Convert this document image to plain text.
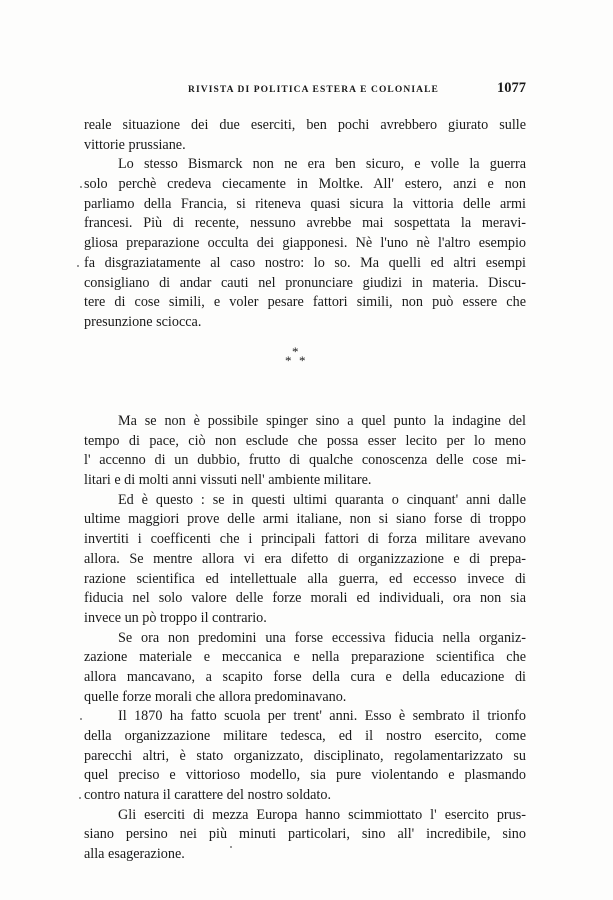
RIVISTA DI POLITICA ESTERA E COLONIALE	1077
reale situazione dei due eserciti, ben pochi avrebbero giurato sulle
vittorie prussiane.
Lo stesso Bismarck non ne era ben sicuro, e volle la guerra
solo perchè credeva ciecamente in Moltke. All' estero, anzi e non
parliamo della Francia, si riteneva quasi sicura la vittoria delle armi
francesi. Più di recente, nessuno avrebbe mai sospettata la meravi-
gliosa preparazione occulta dei giapponesi. Nè l'uno nè l'altro esempio
fa disgraziatamente al caso nostro: lo so. Ma quelli ed altri esempi
consigliano di andar cauti nel pronunciare giudizi in materia. Discu-
tere di cose simili, e voler pesare fattori simili, non può essere che
presunzione sciocca.
*
* *
Ma se non è possibile spinger sino a quel punto la indagine del
tempo di pace, ciò non esclude che possa esser lecito per lo meno
l' accenno di un dubbio, frutto di qualche conoscenza delle cose mi-
litari e di molti anni vissuti nell' ambiente militare.
Ed è questo : se in questi ultimi quaranta o cinquant' anni dalle
ultime maggiori prove delle armi italiane, non si siano forse di troppo
invertiti i coefficenti che i principali fattori di forza militare avevano
allora. Se mentre allora vi era difetto di organizzazione e di prepa-
razione scientifica ed intellettuale alla guerra, ed eccesso invece di
fiducia nel solo valore delle forze morali ed individuali, ora non sia
invece un pò troppo il contrario.
Se ora non predomini una forse eccessiva fiducia nella organiz-
zazione materiale e meccanica e nella preparazione scientifica che
allora mancavano, a scapito forse della cura e della educazione di
quelle forze morali che allora predominavano.
Il 1870 ha fatto scuola per trent' anni. Esso è sembrato il trionfo
della organizzazione militare tedesca, ed il nostro esercito, come
parecchi altri, è stato organizzato, disciplinato, regolamentarizzato su
quel preciso e vittorioso modello, sia pure violentando e plasmando
contro natura il carattere del nostro soldato.
Gli eserciti di mezza Europa hanno scimmiottato l' esercito prus-
siano persino nei più minuti particolari, sino all' incredibile, sino
alla esagerazione.
